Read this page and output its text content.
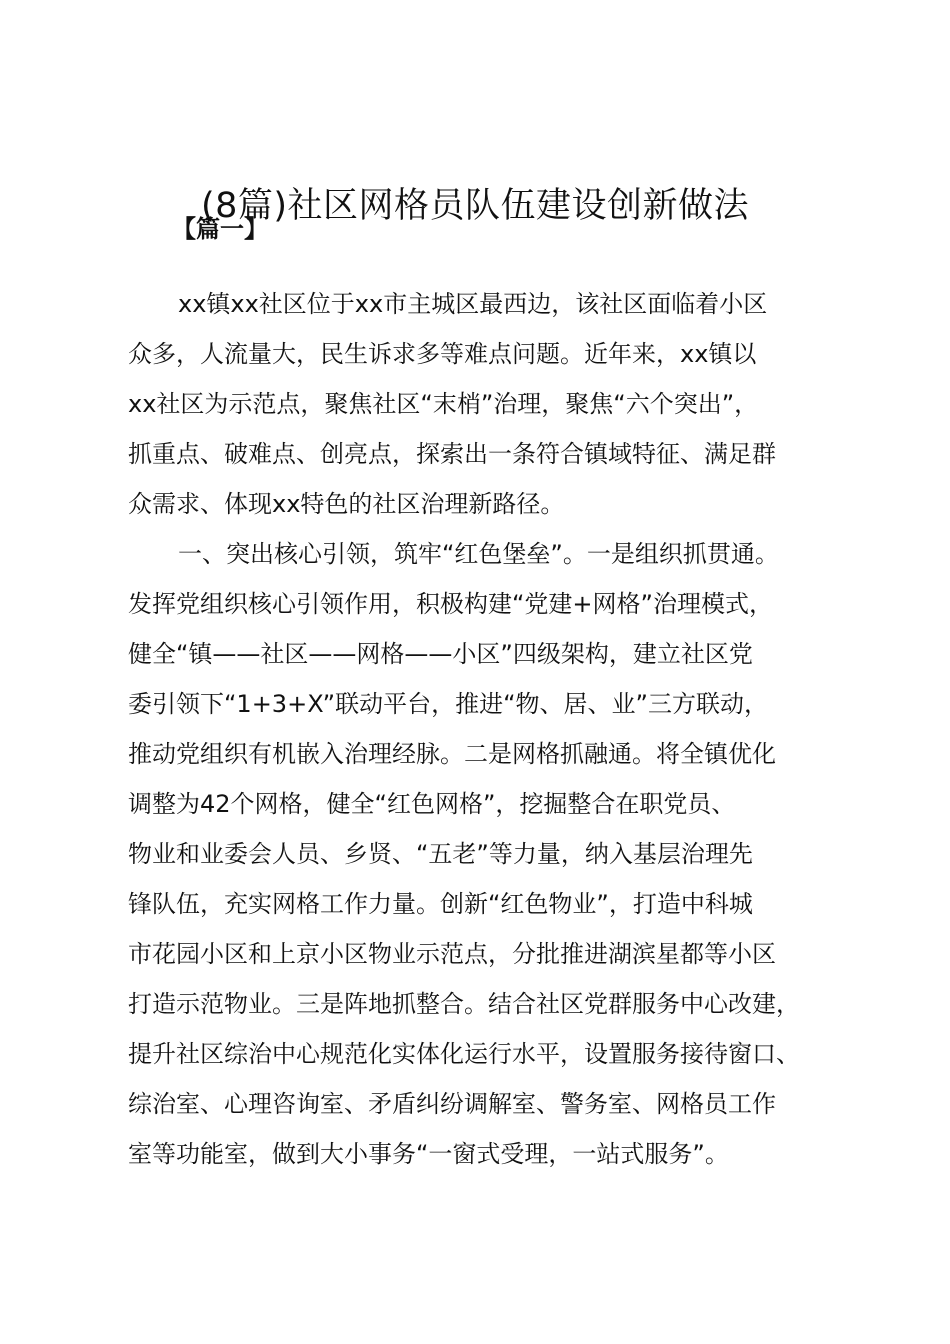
(8篇)社区网格员队伍建设创新做法
【篇一】
xx镇xx社区位于xx市主城区最西边，该社区面临着小区
众多，人流量大，民生诉求多等难点问题。近年来，xx镇以
xx社区为示范点，聚焦社区“末梢”治理，聚焦“六个突出”，
抓重点、破难点、创亮点，探索出一条符合镇域特征、满足群
众需求、体现xx特色的社区治理新路径。
一、突出核心引领，筑牢“红色堡垒”。一是组织抓贯通。
发挥党组织核心引领作用，积极构建“党建+网格”治理模式，
健全“镇——社区——网格——小区”四级架构，建立社区党
委引领下“1+3+X”联动平台，推进“物、居、业”三方联动，
推动党组织有机嵌入治理经脉。二是网格抓融通。将全镇优化
调整为42个网格，健全“红色网格”，挖掘整合在职党员、
物业和业委会人员、乡贤、“五老”等力量，纳入基层治理先
锋队伍，充实网格工作力量。创新“红色物业”，打造中科城
市花园小区和上京小区物业示范点，分批推进湖滨星都等小区
打造示范物业。三是阵地抓整合。结合社区党群服务中心改建，
提升社区综治中心规范化实体化运行水平，设置服务接待窗口、
综治室、心理咨询室、矛盾纠纷调解室、警务室、网格员工作
室等功能室，做到大小事务“一窗式受理，一站式服务”。
